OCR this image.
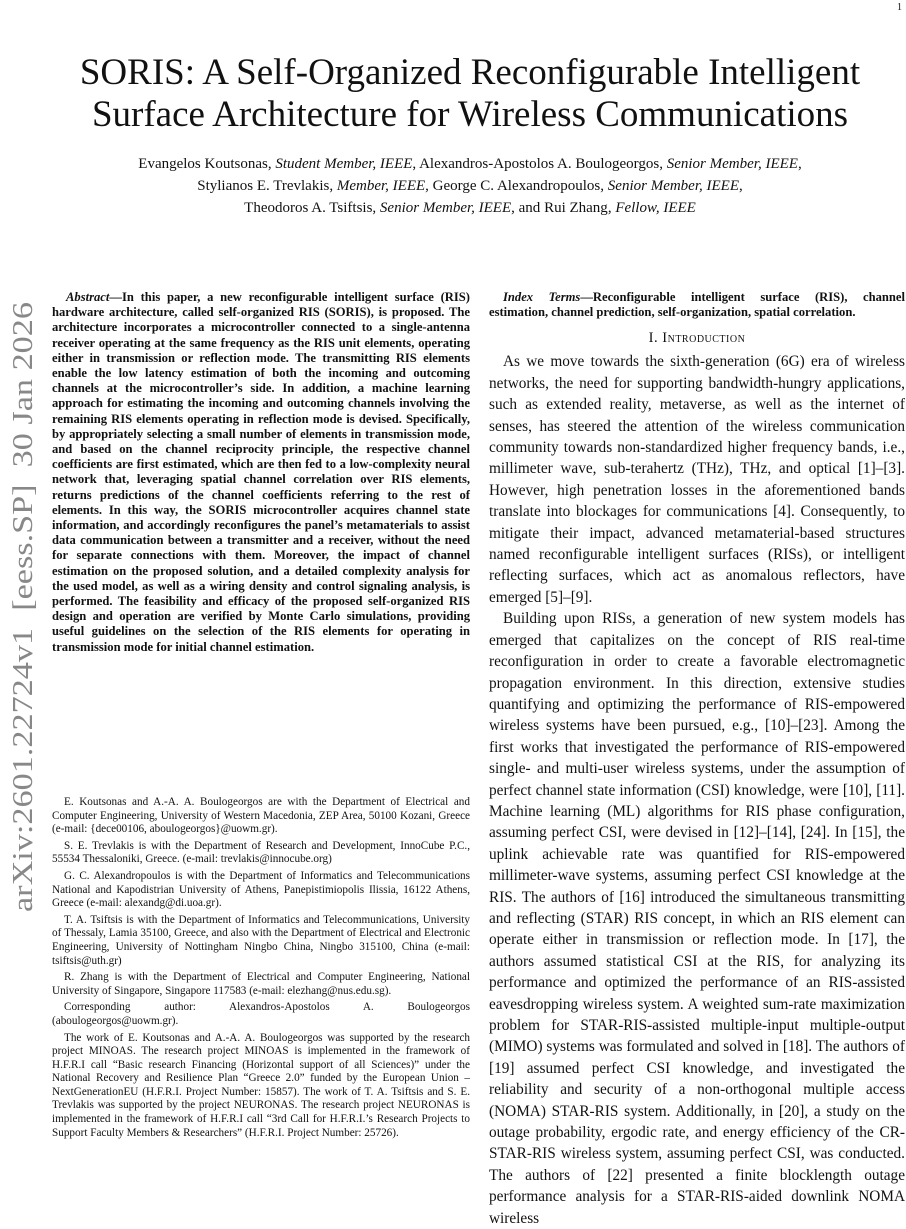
1
arXiv:2601.22724v1  [eess.SP]  30 Jan 2026
SORIS: A Self-Organized Reconfigurable Intelligent Surface Architecture for Wireless Communications

Evangelos Koutsonas, Student Member, IEEE, Alexandros-Apostolos A. Boulogeorgos, Senior Member, IEEE,
Stylianos E. Trevlakis, Member, IEEE, George C. Alexandropoulos, Senior Member, IEEE,
Theodoros A. Tsiftsis, Senior Member, IEEE, and Rui Zhang, Fellow, IEEE

Abstract—In this paper, a new reconfigurable intelligent surface (RIS) hardware architecture, called self-organized RIS (SORIS), is proposed. The architecture incorporates a microcontroller connected to a single-antenna receiver operating at the same frequency as the RIS unit elements, operating either in transmission or reflection mode. The transmitting RIS elements enable the low latency estimation of both the incoming and outcoming channels at the microcontroller’s side. In addition, a machine learning approach for estimating the incoming and outcoming channels involving the remaining RIS elements operating in reflection mode is devised. Specifically, by appropriately selecting a small number of elements in transmission mode, and based on the channel reciprocity principle, the respective channel coefficients are first estimated, which are then fed to a low-complexity neural network that, leveraging spatial channel correlation over RIS elements, returns predictions of the channel coefficients referring to the rest of elements. In this way, the SORIS microcontroller acquires channel state information, and accordingly reconfigures the panel’s metamaterials to assist data communication between a transmitter and a receiver, without the need for separate connections with them. Moreover, the impact of channel estimation on the proposed solution, and a detailed complexity analysis for the used model, as well as a wiring density and control signaling analysis, is performed. The feasibility and efficacy of the proposed self-organized RIS design and operation are verified by Monte Carlo simulations, providing useful guidelines on the selection of the RIS elements for operating in transmission mode for initial channel estimation.

E. Koutsonas and A.-A. A. Boulogeorgos are with the Department of Electrical and Computer Engineering, University of Western Macedonia, ZEP Area, 50100 Kozani, Greece (e-mail: {dece00106, aboulogeorgos}@uowm.gr).

S. E. Trevlakis is with the Department of Research and Development, InnoCube P.C., 55534 Thessaloniki, Greece. (e-mail: trevlakis@innocube.org)

G. C. Alexandropoulos is with the Department of Informatics and Telecommunications National and Kapodistrian University of Athens, Panepistimiopolis Ilissia, 16122 Athens, Greece (e-mail: alexandg@di.uoa.gr).

T. A. Tsiftsis is with the Department of Informatics and Telecommunications, University of Thessaly, Lamia 35100, Greece, and also with the Department of Electrical and Electronic Engineering, University of Nottingham Ningbo China, Ningbo 315100, China (e-mail: tsiftsis@uth.gr)

R. Zhang is with the Department of Electrical and Computer Engineering, National University of Singapore, Singapore 117583 (e-mail: elezhang@nus.edu.sg).

Corresponding author: Alexandros-Apostolos A. Boulogeorgos (aboulogeorgos@uowm.gr).

The work of E. Koutsonas and A.-A. A. Boulogeorgos was supported by the research project MINOAS. The research project MINOAS is implemented in the framework of H.F.R.I call “Basic research Financing (Horizontal support of all Sciences)” under the National Recovery and Resilience Plan “Greece 2.0” funded by the European Union – NextGenerationEU (H.F.R.I. Project Number: 15857). The work of T. A. Tsiftsis and S. E. Trevlakis was supported by the project NEURONAS. The research project NEURONAS is implemented in the framework of H.F.R.I call “3rd Call for H.F.R.I.’s Research Projects to Support Faculty Members & Researchers” (H.F.R.I. Project Number: 25726).

Index Terms—Reconfigurable intelligent surface (RIS), channel estimation, channel prediction, self-organization, spatial correlation.

I. Introduction

As we move towards the sixth-generation (6G) era of wireless networks, the need for supporting bandwidth-hungry applications, such as extended reality, metaverse, as well as the internet of senses, has steered the attention of the wireless communication community towards non-standardized higher frequency bands, i.e., millimeter wave, sub-terahertz (THz), THz, and optical [1]–[3]. However, high penetration losses in the aforementioned bands translate into blockages for communications [4]. Consequently, to mitigate their impact, advanced metamaterial-based structures named reconfigurable intelligent surfaces (RISs), or intelligent reflecting surfaces, which act as anomalous reflectors, have emerged [5]–[9].

Building upon RISs, a generation of new system models has emerged that capitalizes on the concept of RIS real-time reconfiguration in order to create a favorable electromagnetic propagation environment. In this direction, extensive studies quantifying and optimizing the performance of RIS-empowered wireless systems have been pursued, e.g., [10]–[23]. Among the first works that investigated the performance of RIS-empowered single- and multi-user wireless systems, under the assumption of perfect channel state information (CSI) knowledge, were [10], [11]. Machine learning (ML) algorithms for RIS phase configuration, assuming perfect CSI, were devised in [12]–[14], [24]. In [15], the uplink achievable rate was quantified for RIS-empowered millimeter-wave systems, assuming perfect CSI knowledge at the RIS. The authors of [16] introduced the simultaneous transmitting and reflecting (STAR) RIS concept, in which an RIS element can operate either in transmission or reflection mode. In [17], the authors assumed statistical CSI at the RIS, for analyzing its performance and optimized the performance of an RIS-assisted eavesdropping wireless system. A weighted sum-rate maximization problem for STAR-RIS-assisted multiple-input multiple-output (MIMO) systems was formulated and solved in [18]. The authors of [19] assumed perfect CSI knowledge, and investigated the reliability and security of a non-orthogonal multiple access (NOMA) STAR-RIS system. Additionally, in [20], a study on the outage probability, ergodic rate, and energy efficiency of the CR-STAR-RIS wireless system, assuming perfect CSI, was conducted. The authors of [22] presented a finite blocklength outage performance analysis for a STAR-RIS-aided downlink NOMA wireless
